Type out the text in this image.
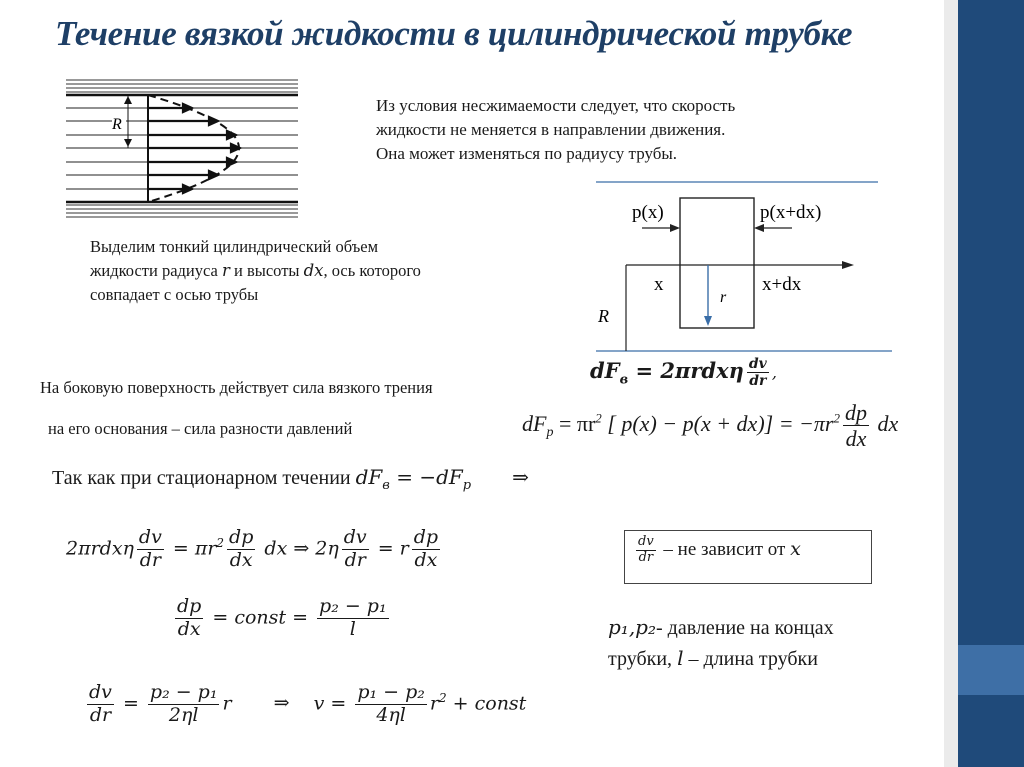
Течение вязкой жидкости в цилиндрической трубке
R
Из условия несжимаемости следует, что скорость
жидкости не меняется в направлении движения.
Она может изменяться по радиусу трубы.
p(x)	p(x+dx)
x	x+dx
r
R
Выделим тонкий цилиндрический объем
жидкости радиуса r и высоты dx, ось которого
совпадает с осью трубы
На боковую поверхность действует сила вязкого трения
$dF_в = 2\pi rdx\eta \frac{dv}{dr}$ ,
на его основания – сила разности давлений	$dF_p = \pi r^2$ [ $p(x) - p(x + dx)] = -\pi r^2 \frac{dp}{dx}$ dx
Так как при стационарном течении $dF_в = -dF_p$ ⇒
$2\pi rdx\eta \frac{dv}{dr} = \pi r^2 \frac{dp}{dx}$ dx ⇒ $2\eta \frac{dv}{dr} = r \frac{dp}{dx}$	$\frac{dv}{dr}$ – не зависит от x
$\frac{dp}{dx}$ = const = $\frac{\text{p₂ − p₁}}{l}$	p₁,p₂- давление на концах
трубки, l – длина трубки
$\frac{dv}{dr} = \frac{\text{p₂ − p₁}}{2\eta l}$ r ⇒ $v = \frac{\text{p₁ − p₂}}{4\eta l} r^2$ + const
